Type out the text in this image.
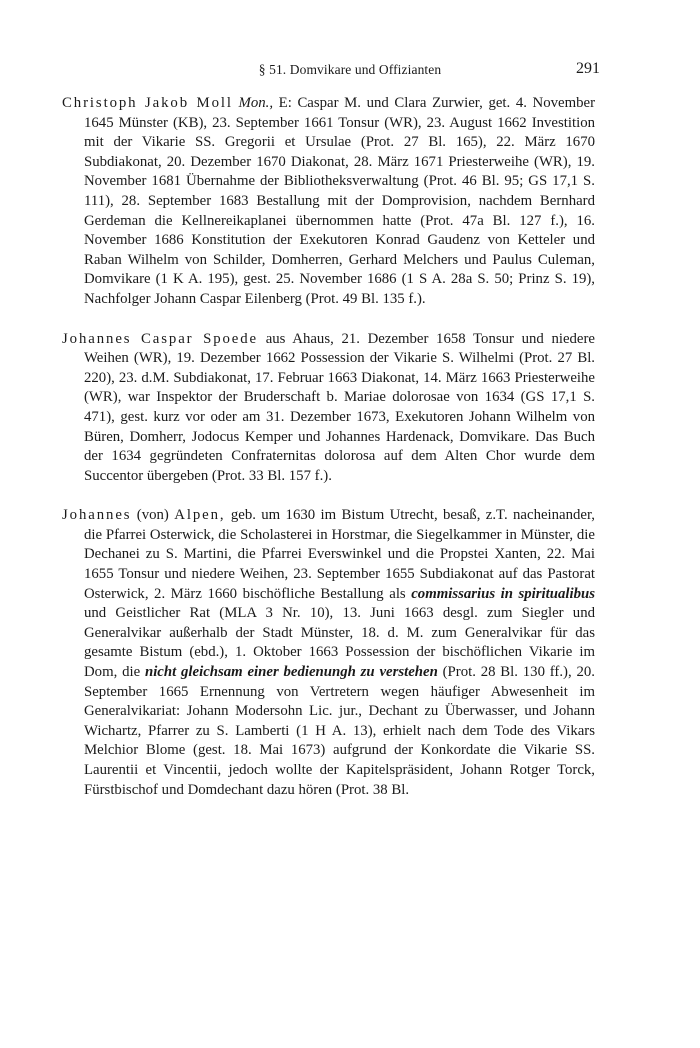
§ 51. Domvikare und Offizianten	291

Christoph Jakob Moll Mon., E: Caspar M. und Clara Zurwier, get. 4. November 1645 Münster (KB), 23. September 1661 Tonsur (WR), 23. August 1662 Investition mit der Vikarie SS. Gregorii et Ursulae (Prot. 27 Bl. 165), 22. März 1670 Subdiakonat, 20. Dezember 1670 Diakonat, 28. März 1671 Priesterweihe (WR), 19. November 1681 Übernahme der Bibliotheksverwaltung (Prot. 46 Bl. 95; GS 17,1 S. 111), 28. September 1683 Bestallung mit der Domprovision, nachdem Bernhard Gerdeman die Kellnereikaplanei übernommen hatte (Prot. 47a Bl. 127 f.), 16. November 1686 Konstitution der Exekutoren Konrad Gaudenz von Ketteler und Raban Wilhelm von Schilder, Domherren, Gerhard Melchers und Paulus Culeman, Domvikare (1 K A. 195), gest. 25. November 1686 (1 S A. 28a S. 50; Prinz S. 19), Nachfolger Johann Caspar Eilenberg (Prot. 49 Bl. 135 f.).

Johannes Caspar Spoede aus Ahaus, 21. Dezember 1658 Tonsur und niedere Weihen (WR), 19. Dezember 1662 Possession der Vikarie S. Wilhelmi (Prot. 27 Bl. 220), 23. d.M. Subdiakonat, 17. Februar 1663 Diakonat, 14. März 1663 Priesterweihe (WR), war Inspektor der Bruderschaft b. Mariae dolorosae von 1634 (GS 17,1 S. 471), gest. kurz vor oder am 31. Dezember 1673, Exekutoren Johann Wilhelm von Büren, Domherr, Jodocus Kemper und Johannes Hardenack, Domvikare. Das Buch der 1634 gegründeten Confraternitas dolorosa auf dem Alten Chor wurde dem Succentor übergeben (Prot. 33 Bl. 157 f.).

Johannes (von) Alpen, geb. um 1630 im Bistum Utrecht, besaß, z.T. nacheinander, die Pfarrei Osterwick, die Scholasterei in Horstmar, die Siegelkammer in Münster, die Dechanei zu S. Martini, die Pfarrei Everswinkel und die Propstei Xanten, 22. Mai 1655 Tonsur und niedere Weihen, 23. September 1655 Subdiakonat auf das Pastorat Osterwick, 2. März 1660 bischöfliche Bestallung als commissarius in spiritualibus und Geistlicher Rat (MLA 3 Nr. 10), 13. Juni 1663 desgl. zum Siegler und Generalvikar außerhalb der Stadt Münster, 18. d. M. zum Generalvikar für das gesamte Bistum (ebd.), 1. Oktober 1663 Possession der bischöflichen Vikarie im Dom, die nicht gleichsam einer bedienungh zu verstehen (Prot. 28 Bl. 130 ff.), 20. September 1665 Ernennung von Vertretern wegen häufiger Abwesenheit im Generalvikariat: Johann Modersohn Lic. jur., Dechant zu Überwasser, und Johann Wichartz, Pfarrer zu S. Lamberti (1 H A. 13), erhielt nach dem Tode des Vikars Melchior Blome (gest. 18. Mai 1673) aufgrund der Konkordate die Vikarie SS. Laurentii et Vincentii, jedoch wollte der Kapitelspräsident, Johann Rotger Torck, Fürstbischof und Domdechant dazu hören (Prot. 38 Bl.
